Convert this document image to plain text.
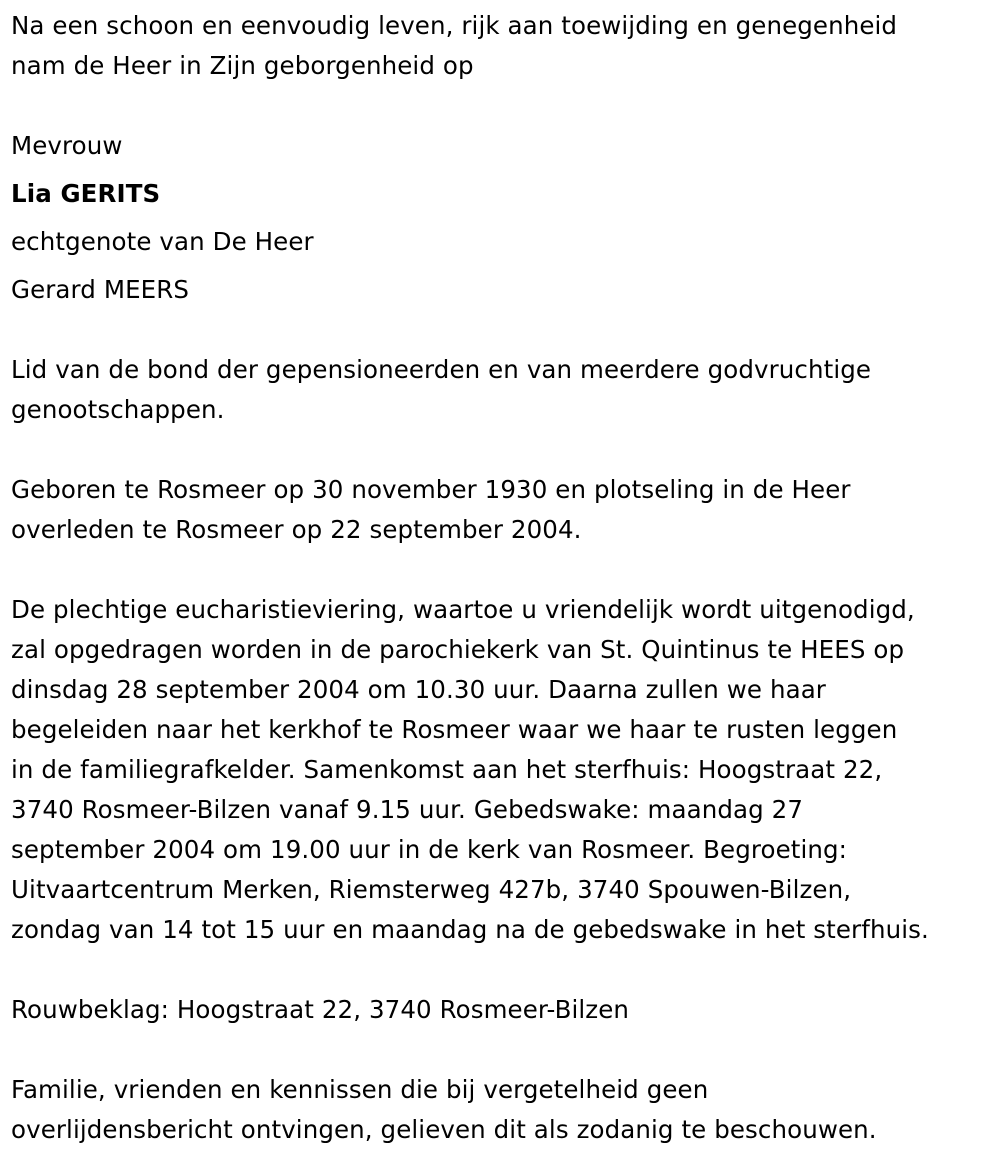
Na een schoon en eenvoudig leven, rijk aan toewijding en genegenheid
nam de Heer in Zijn geborgenheid op

Mevrouw

Lia GERITS

echtgenote van De Heer

Gerard MEERS

Lid van de bond der gepensioneerden en van meerdere godvruchtige
genootschappen.

Geboren te Rosmeer op 30 november 1930 en plotseling in de Heer
overleden te Rosmeer op 22 september 2004.

De plechtige eucharistieviering, waartoe u vriendelijk wordt uitgenodigd,
zal opgedragen worden in de parochiekerk van St. Quintinus te HEES op
dinsdag 28 september 2004 om 10.30 uur. Daarna zullen we haar
begeleiden naar het kerkhof te Rosmeer waar we haar te rusten leggen
in de familiegrafkelder. Samenkomst aan het sterfhuis: Hoogstraat 22,
3740 Rosmeer-Bilzen vanaf 9.15 uur. Gebedswake: maandag 27
september 2004 om 19.00 uur in de kerk van Rosmeer. Begroeting:
Uitvaartcentrum Merken, Riemsterweg 427b, 3740 Spouwen-Bilzen,
zondag van 14 tot 15 uur en maandag na de gebedswake in het sterfhuis.

Rouwbeklag: Hoogstraat 22, 3740 Rosmeer-Bilzen

Familie, vrienden en kennissen die bij vergetelheid geen
overlijdensbericht ontvingen, gelieven dit als zodanig te beschouwen.
